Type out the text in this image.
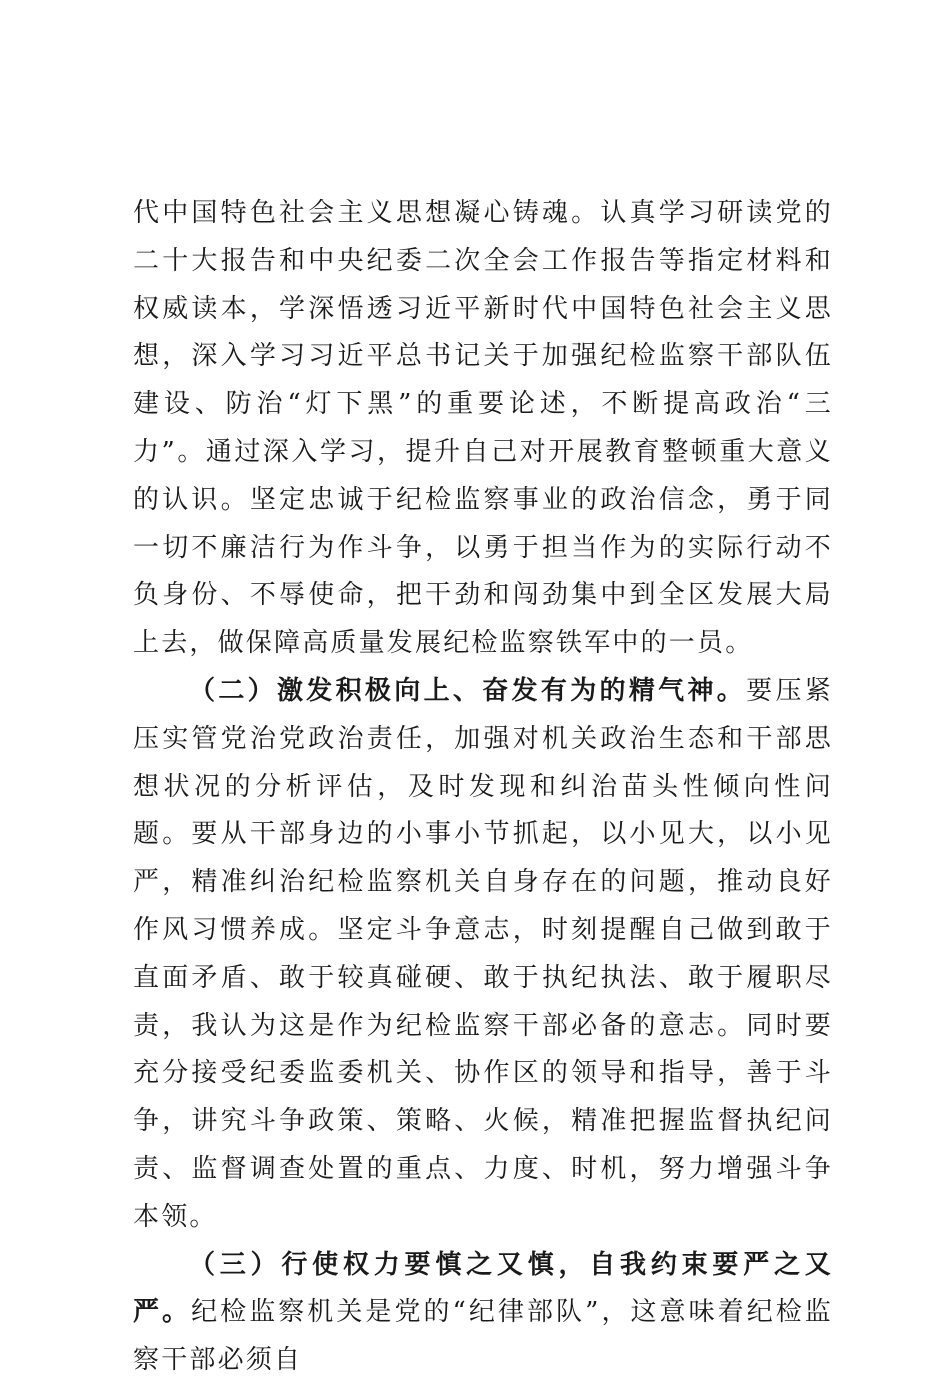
代中国特色社会主义思想凝心铸魂。认真学习研读党的二十大报告和中央纪委二次全会工作报告等指定材料和权威读本，学深悟透习近平新时代中国特色社会主义思想，深入学习习近平总书记关于加强纪检监察干部队伍建设、防治“灯下黑”的重要论述，不断提高政治“三力”。通过深入学习，提升自己对开展教育整顿重大意义的认识。坚定忠诚于纪检监察事业的政治信念，勇于同一切不廉洁行为作斗争，以勇于担当作为的实际行动不负身份、不辱使命，把干劲和闯劲集中到全区发展大局上去，做保障高质量发展纪检监察铁军中的一员。

（二）激发积极向上、奋发有为的精气神。要压紧压实管党治党政治责任，加强对机关政治生态和干部思想状况的分析评估，及时发现和纠治苗头性倾向性问题。要从干部身边的小事小节抓起，以小见大，以小见严，精准纠治纪检监察机关自身存在的问题，推动良好作风习惯养成。坚定斗争意志，时刻提醒自己做到敢于直面矛盾、敢于较真碰硬、敢于执纪执法、敢于履职尽责，我认为这是作为纪检监察干部必备的意志。同时要充分接受纪委监委机关、协作区的领导和指导，善于斗争，讲究斗争政策、策略、火候，精准把握监督执纪问责、监督调查处置的重点、力度、时机，努力增强斗争本领。

（三）行使权力要慎之又慎，自我约束要严之又严。纪检监察机关是党的“纪律部队”，这意味着纪检监察干部必须自
